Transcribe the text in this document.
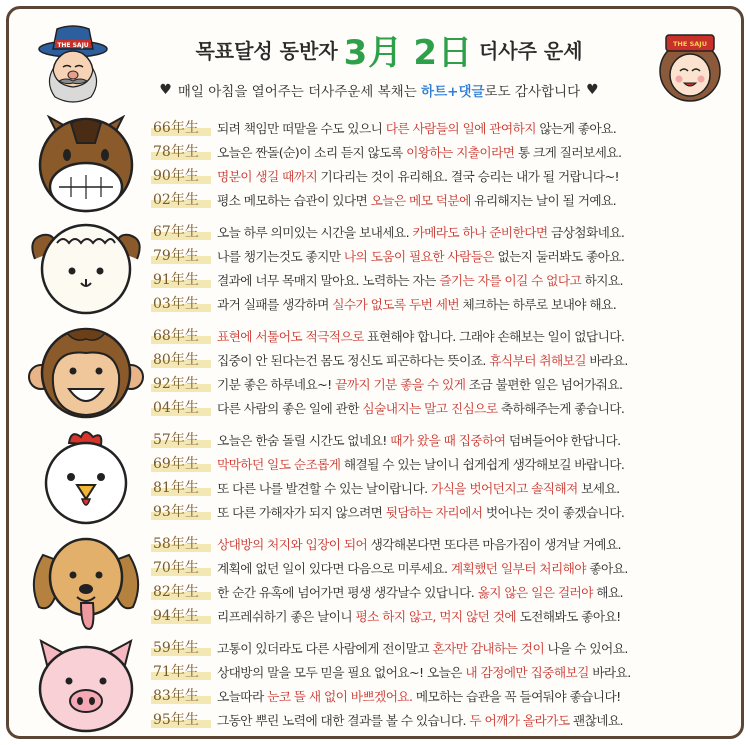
THE SAJU	목표달성 동반자 3月 2日 더사주 운세
♥ 매일 아침을 열어주는 더사주운세 복채는
하트+댓글 로도 감사합니다 ♥
THE SAJU
66年生	되려 책임만 떠맡을 수도 있으니 다른 사람들의 일에 관여하지 않는게 좋아요.
78年生	오늘은 짠돌(순)이 소리 듣지 않도록 이왕하는 지출이라면 통 크게 질러보세요.
90年生	명분이 생길 때까지 기다리는 것이 유리해요. 결국 승리는 내가 될 거랍니다~!
02年生	평소 메모하는 습관이 있다면 오늘은 메모 덕분에 유리해지는 날이 될 거예요.
67年生	오늘 하루 의미있는 시간을 보내세요. 카메라도 하나 준비한다면 금상첨화네요.
79年生	나를 챙기는것도 좋지만 나의 도움이 필요한 사람들은 없는지 둘러봐도 좋아요.
91年生	결과에 너무 목매지 말아요. 노력하는 자는 즐기는 자를 이길 수 없다고 하지요.
03年生	과거 실패를 생각하며 실수가 없도록 두번 세번 체크하는 하루로 보내야 해요.
68年生	표현에 서툴어도 적극적으로 표현해야 합니다. 그래야 손해보는 일이 없답니다.
80年生	집중이 안 된다는건 몸도 정신도 피곤하다는 뜻이죠. 휴식부터 취해보길 바라요.
92年生	기분 좋은 하루네요~! 끝까지 기분 좋을 수 있게 조금 불편한 일은 넘어가줘요.
04年生	다른 사람의 좋은 일에 관한 심술내지는 말고 진심으로 축하해주는게 좋습니다.
57年生	오늘은 한숨 돌릴 시간도 없네요! 때가 왔을 때 집중하여 덤벼들어야 한답니다.
69年生	막막하던 일도 순조롭게 해결될 수 있는 날이니 쉽게쉽게 생각해보길 바랍니다.
81年生	또 다른 나를 발견할 수 있는 날이랍니다. 가식을 벗어던지고 솔직해져 보세요.
93年生	또 다른 가해자가 되지 않으려면 뒷담하는 자리에서 벗어나는 것이 좋겠습니다.
58年生	상대방의 처지와 입장이 되어 생각해본다면 또다른 마음가짐이 생겨날 거예요.
70年生	계획에 없던 일이 있다면 다음으로 미루세요. 계획했던 일부터 처리해야 좋아요.
82年生	한 순간 유혹에 넘어가면 평생 생각날수 있답니다. 옳지 않은 일은 걸러야 해요.
94年生	리프레쉬하기 좋은 날이니 평소 하지 않고, 먹지 않던 것에 도전해봐도 좋아요!
59年生	고통이 있더라도 다른 사람에게 전이말고 혼자만 감내하는 것이 나을 수 있어요.
71年生	상대방의 말을 모두 믿을 필요 없어요~! 오늘은 내 감정에만 집중해보길 바라요.
83年生	오늘따라 눈코 뜰 새 없이 바쁘겠어요. 메모하는 습관을 꼭 들여둬야 좋습니다!
95年生	그동안 뿌린 노력에 대한 결과를 볼 수 있습니다. 두 어깨가 올라가도 괜찮네요.
